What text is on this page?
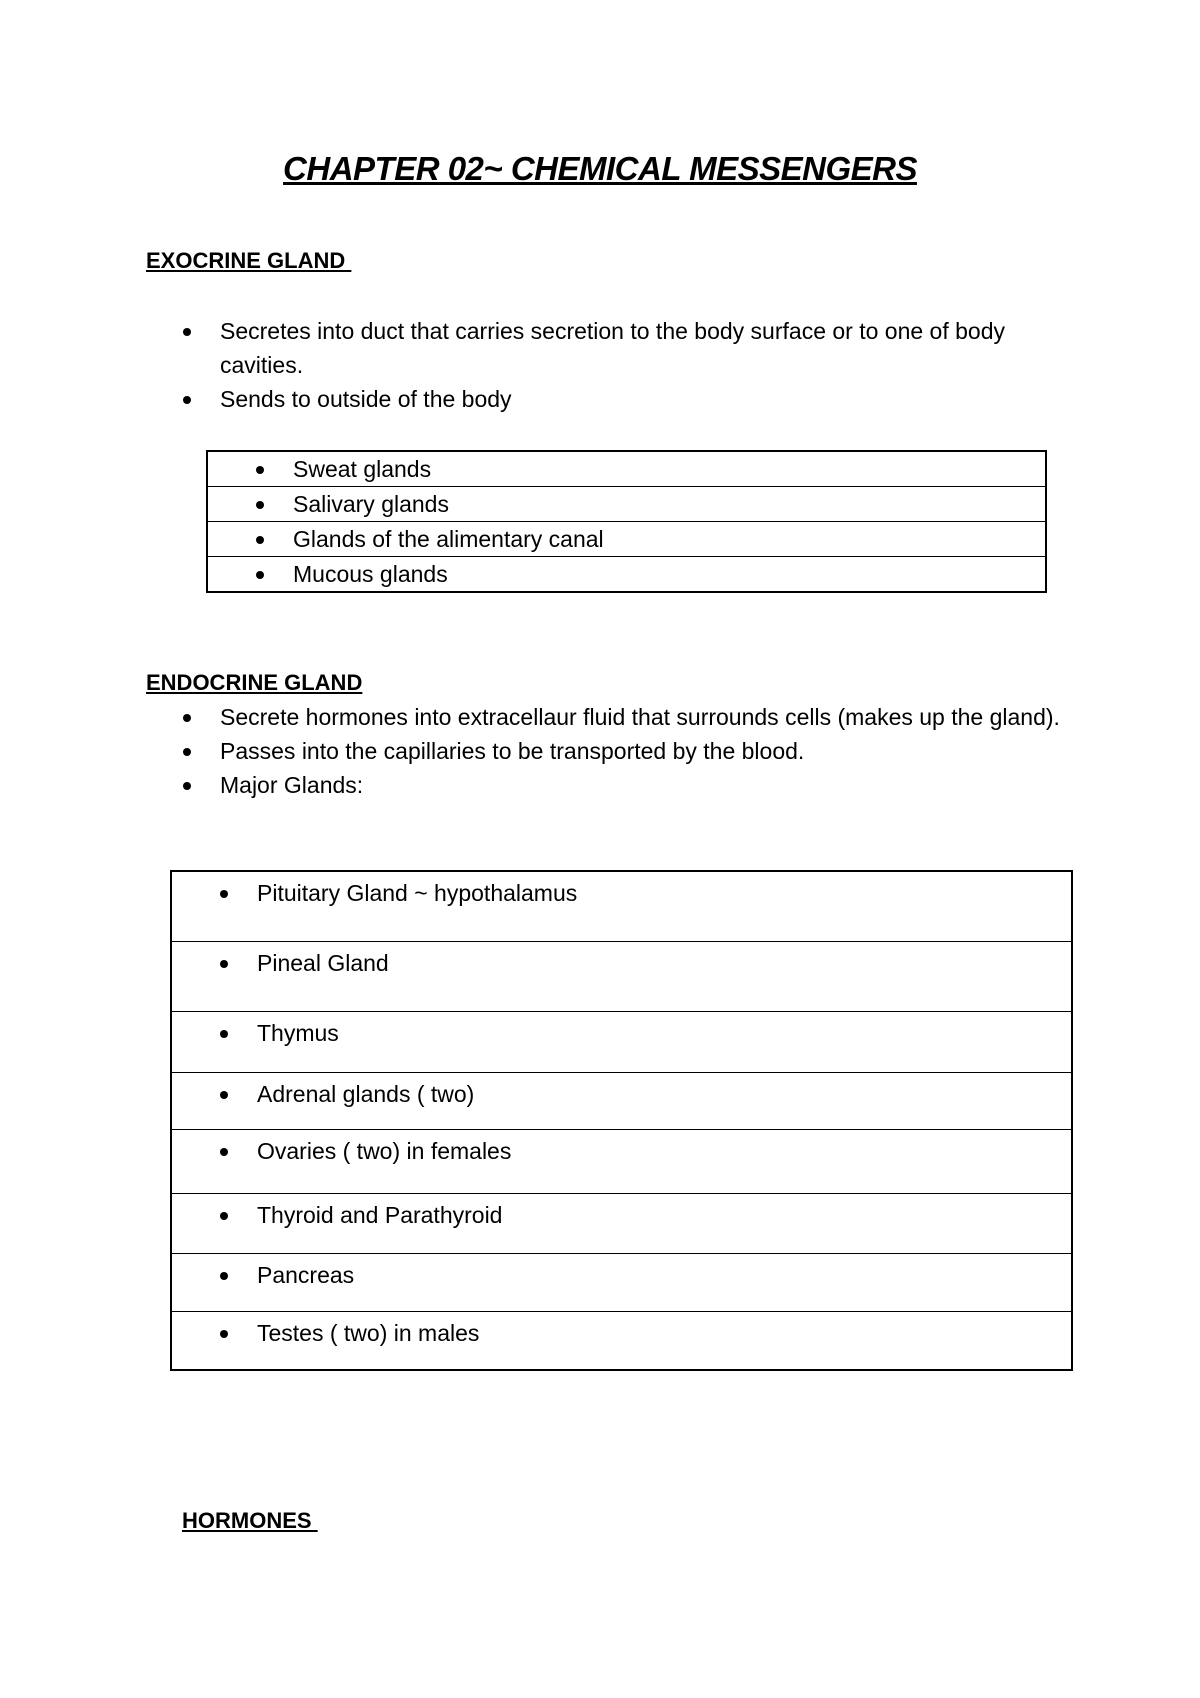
CHAPTER 02~ CHEMICAL MESSENGERS
EXOCRINE GLAND
Secretes into duct that carries secretion to the body surface or to one of body cavities.
Sends to outside of the body
Sweat glands

Salivary glands

Glands of the alimentary canal

Mucous glands
ENDOCRINE GLAND
Secrete hormones into extracellaur fluid that surrounds cells (makes up the gland).
Passes into the capillaries to be transported by the blood.
Major Glands:
Pituitary Gland ~ hypothalamus

Pineal Gland

Thymus

Adrenal glands ( two)

Ovaries ( two) in females

Thyroid and Parathyroid

Pancreas

Testes ( two) in males
HORMONES
